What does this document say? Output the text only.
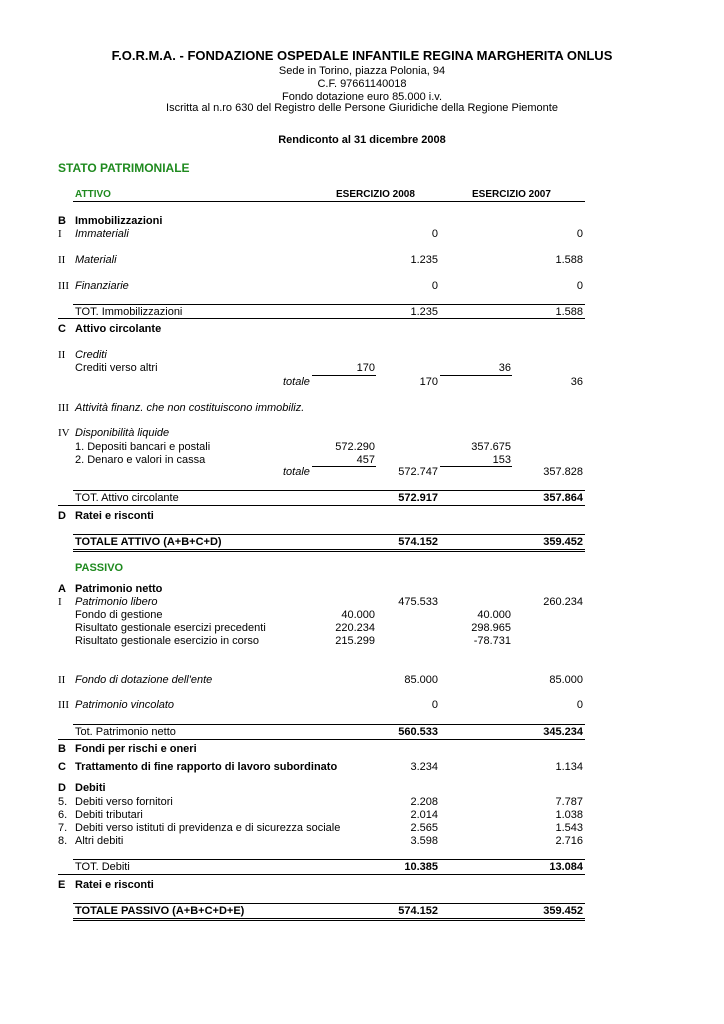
F.O.R.M.A. - FONDAZIONE OSPEDALE INFANTILE REGINA MARGHERITA ONLUS
Sede in Torino, piazza Polonia, 94
C.F. 97661140018
Fondo dotazione euro 85.000 i.v.
Iscritta al n.ro 630 del Registro delle Persone Giuridiche della Regione Piemonte
Rendiconto al 31 dicembre 2008
STATO PATRIMONIALE
ATTIVO	ESERCIZIO 2008	ESERCIZIO 2007
B Immobilizzazioni
I Immateriali	0	0
II Materiali	1.235	1.588
III Finanziarie	0	0
TOT. Immobilizzazioni	1.235	1.588
C Attivo circolante
II Crediti
Crediti verso altri	170	36
totale	170	36
III Attività finanz. che non costituiscono immobiliz.
IV Disponibilità liquide
1. Depositi bancari e postali	572.290	357.675
2. Denaro e valori in cassa	457	153
totale	572.747	357.828
TOT. Attivo circolante	572.917	357.864
D Ratei e risconti
TOTALE ATTIVO (A+B+C+D)	574.152	359.452
PASSIVO
A Patrimonio netto
I Patrimonio libero	475.533	260.234
Fondo di gestione	40.000	40.000
Risultato gestionale esercizi precedenti	220.234	298.965
Risultato gestionale esercizio in corso	215.299	-78.731
II Fondo di dotazione dell'ente	85.000	85.000
III Patrimonio vincolato	0	0
Tot. Patrimonio netto	560.533	345.234
B Fondi per rischi e oneri
C Trattamento di fine rapporto di lavoro subordinato	3.234	1.134
D Debiti
5. Debiti verso fornitori	2.208	7.787
6. Debiti tributari	2.014	1.038
7. Debiti verso istituti di previdenza e di sicurezza sociale	2.565	1.543
8. Altri debiti	3.598	2.716
TOT. Debiti	10.385	13.084
E Ratei e risconti
TOTALE PASSIVO (A+B+C+D+E)	574.152	359.452
